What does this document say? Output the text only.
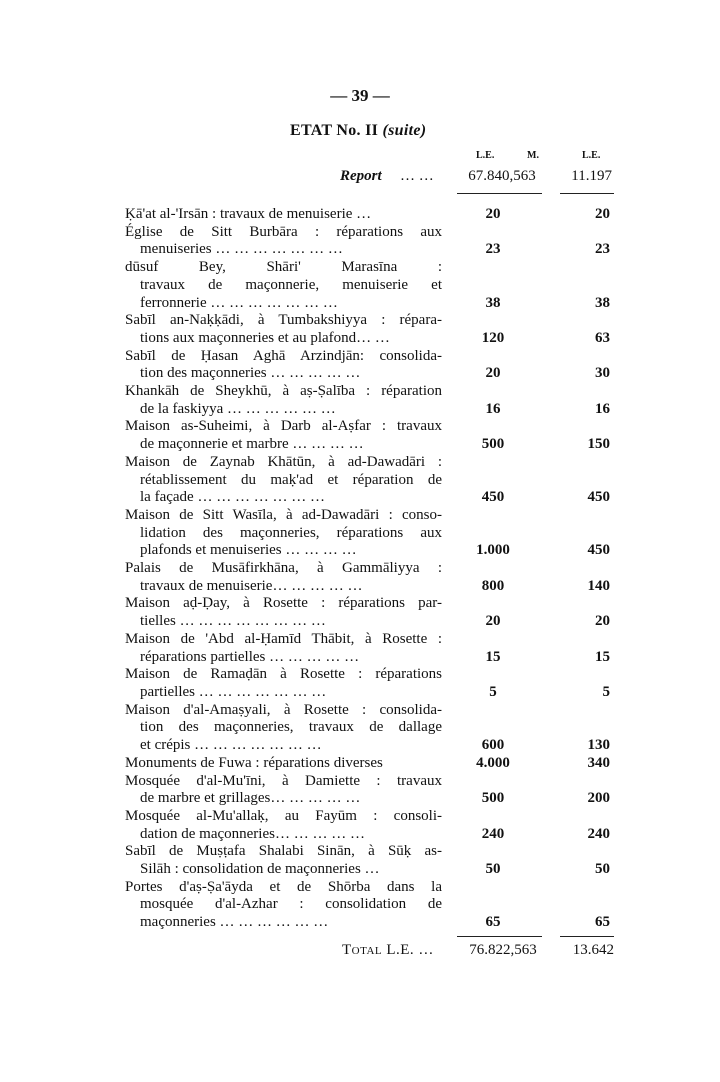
— 39 —
ETAT No. II (suite)
L.E.	M.	L.E.
Report … …	67.840,563	11.197
Ḳā'at al-'Irsān : travaux de menuiserie …	20	20
Église de Sitt Burbāra : réparations aux
menuiseries … … … … … … …	23	23
dūsuf Bey, Shāri' Marasīna :
travaux de maçonnerie, menuiserie et
ferronnerie … … … … … … …	38	38
Sabīl an-Naḳḳādi, à Tumbakshiyya : répara-
tions aux maçonneries et au plafond… …	120	63
Sabīl de Ḥasan Aghā Arzindjān: consolida-
tion des maçonneries … … … … …	20	30
Khankāh de Sheykhū, à aṣ-Ṣalība : réparation
de la faskiyya … … … … … …	16	16
Maison as-Suheimi, à Darb al-Aṣfar : travaux
de maçonnerie et marbre … … … …	500	150
Maison de Zaynab Khātūn, à ad-Dawadāri :
rétablissement du maḳ'ad et réparation de
la façade … … … … … … …	450	450
Maison de Sitt Wasīla, à ad-Dawadāri : conso-
lidation des maçonneries, réparations aux
plafonds et menuiseries … … … …	1.000	450
Palais de Musāfirkhāna, à Gammāliyya :
travaux de menuiserie… … … … …	800	140
Maison aḍ-Ḍay, à Rosette : réparations par-
tielles … … … … … … … …	20	20
Maison de 'Abd al-Ḥamīd Thābit, à Rosette :
réparations partielles … … … … …	15	15
Maison de Ramaḍān à Rosette : réparations
partielles … … … … … … …	5	5
Maison d'al-Amaṣyali, à Rosette : consolida-
tion des maçonneries, travaux de dallage
et crépis … … … … … … …	600	130
Monuments de Fuwa : réparations diverses	4.000	340
Mosquée d'al-Mu'īni, à Damiette : travaux
de marbre et grillages… … … … …	500	200
Mosquée al-Mu'allaḳ, au Fayūm : consoli-
dation de maçonneries… … … … …	240	240
Sabīl de Muṣṭafa Shalabi Sinān, à Sūḳ as-
Silāh : consolidation de maçonneries …	50	50
Portes d'aṣ-Ṣa'āyda et de Shōrba dans la
mosquée d'al-Azhar : consolidation de
maçonneries … … … … … …	65	65
Total L.E. …	76.822,563	13.642
